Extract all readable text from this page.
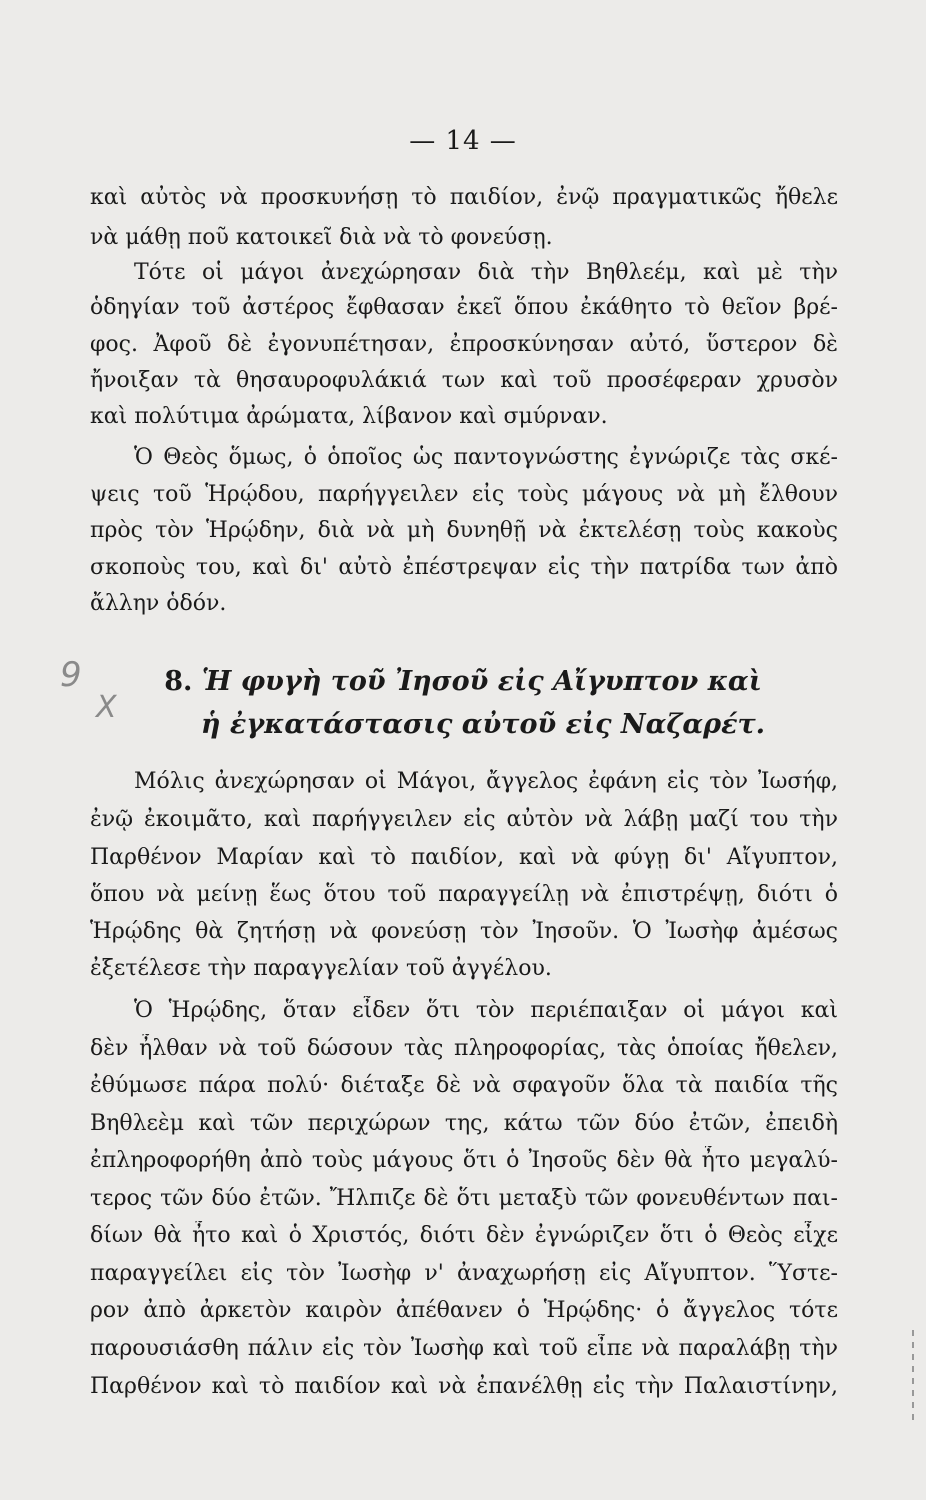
— 14 —
καὶ αὐτὸς νὰ προσκυνήσῃ τὸ παιδίον, ἐνῷ πραγματικῶς ἤθελε
νὰ μάθῃ ποῦ κατοικεῖ διὰ νὰ τὸ φονεύσῃ.
Τότε οἱ μάγοι ἀνεχώρησαν διὰ τὴν Βηθλεέμ, καὶ μὲ τὴν
ὁδηγίαν τοῦ ἀστέρος ἔφθασαν ἐκεῖ ὅπου ἐκάθητο τὸ θεῖον βρέ-
φος. Ἀφοῦ δὲ ἐγονυπέτησαν, ἐπροσκύνησαν αὐτό, ὕστερον δὲ
ἤνοιξαν τὰ θησαυροφυλάκιά των καὶ τοῦ προσέφεραν χρυσὸν
καὶ πολύτιμα ἀρώματα, λίβανον καὶ σμύρναν.
Ὁ Θεὸς ὅμως, ὁ ὁποῖος ὡς παντογνώστης ἐγνώριζε τὰς σκέ-
ψεις τοῦ Ἡρῴδου, παρήγγειλεν εἰς τοὺς μάγους νὰ μὴ ἔλθουν
πρὸς τὸν Ἡρῴδην, διὰ νὰ μὴ δυνηθῇ νὰ ἐκτελέσῃ τοὺς κακοὺς
σκοποὺς του, καὶ δι' αὐτὸ ἐπέστρεψαν εἰς τὴν πατρίδα των ἀπὸ
ἄλλην ὁδόν.
9
X
8. Ἡ φυγὴ τοῦ Ἰησοῦ εἰς Αἴγυπτον καὶ
ἡ ἐγκατάστασις αὐτοῦ εἰς Ναζαρέτ.
Μόλις ἀνεχώρησαν οἱ Μάγοι, ἄγγελος ἐφάνη εἰς τὸν Ἰωσήφ,
ἐνῷ ἐκοιμᾶτο, καὶ παρήγγειλεν εἰς αὐτὸν νὰ λάβῃ μαζί του τὴν
Παρθένον Μαρίαν καὶ τὸ παιδίον, καὶ νὰ φύγῃ δι' Αἴγυπτον,
ὅπου νὰ μείνῃ ἕως ὅτου τοῦ παραγγείλῃ νὰ ἐπιστρέψῃ, διότι ὁ
Ἡρῴδης θὰ ζητήσῃ νὰ φονεύσῃ τὸν Ἰησοῦν. Ὁ Ἰωσὴφ ἀμέσως
ἐξετέλεσε τὴν παραγγελίαν τοῦ ἀγγέλου.
Ὁ Ἡρῴδης, ὅταν εἶδεν ὅτι τὸν περιέπαιξαν οἱ μάγοι καὶ
δὲν ἦλθαν νὰ τοῦ δώσουν τὰς πληροφορίας, τὰς ὁποίας ἤθελεν,
ἐθύμωσε πάρα πολύ· διέταξε δὲ νὰ σφαγοῦν ὅλα τὰ παιδία τῆς
Βηθλεὲμ καὶ τῶν περιχώρων της, κάτω τῶν δύο ἐτῶν, ἐπειδὴ
ἐπληροφορήθη ἀπὸ τοὺς μάγους ὅτι ὁ Ἰησοῦς δὲν θὰ ἦτο μεγαλύ-
τερος τῶν δύο ἐτῶν. Ἤλπιζε δὲ ὅτι μεταξὺ τῶν φονευθέντων παι-
δίων θὰ ἦτο καὶ ὁ Χριστός, διότι δὲν ἐγνώριζεν ὅτι ὁ Θεὸς εἶχε
παραγγείλει εἰς τὸν Ἰωσὴφ ν' ἀναχωρήσῃ εἰς Αἴγυπτον. Ὕστε-
ρον ἀπὸ ἀρκετὸν καιρὸν ἀπέθανεν ὁ Ἡρῴδης· ὁ ἄγγελος τότε
παρουσιάσθη πάλιν εἰς τὸν Ἰωσὴφ καὶ τοῦ εἶπε νὰ παραλάβῃ τὴν
Παρθένον καὶ τὸ παιδίον καὶ νὰ ἐπανέλθῃ εἰς τὴν Παλαιστίνην,
